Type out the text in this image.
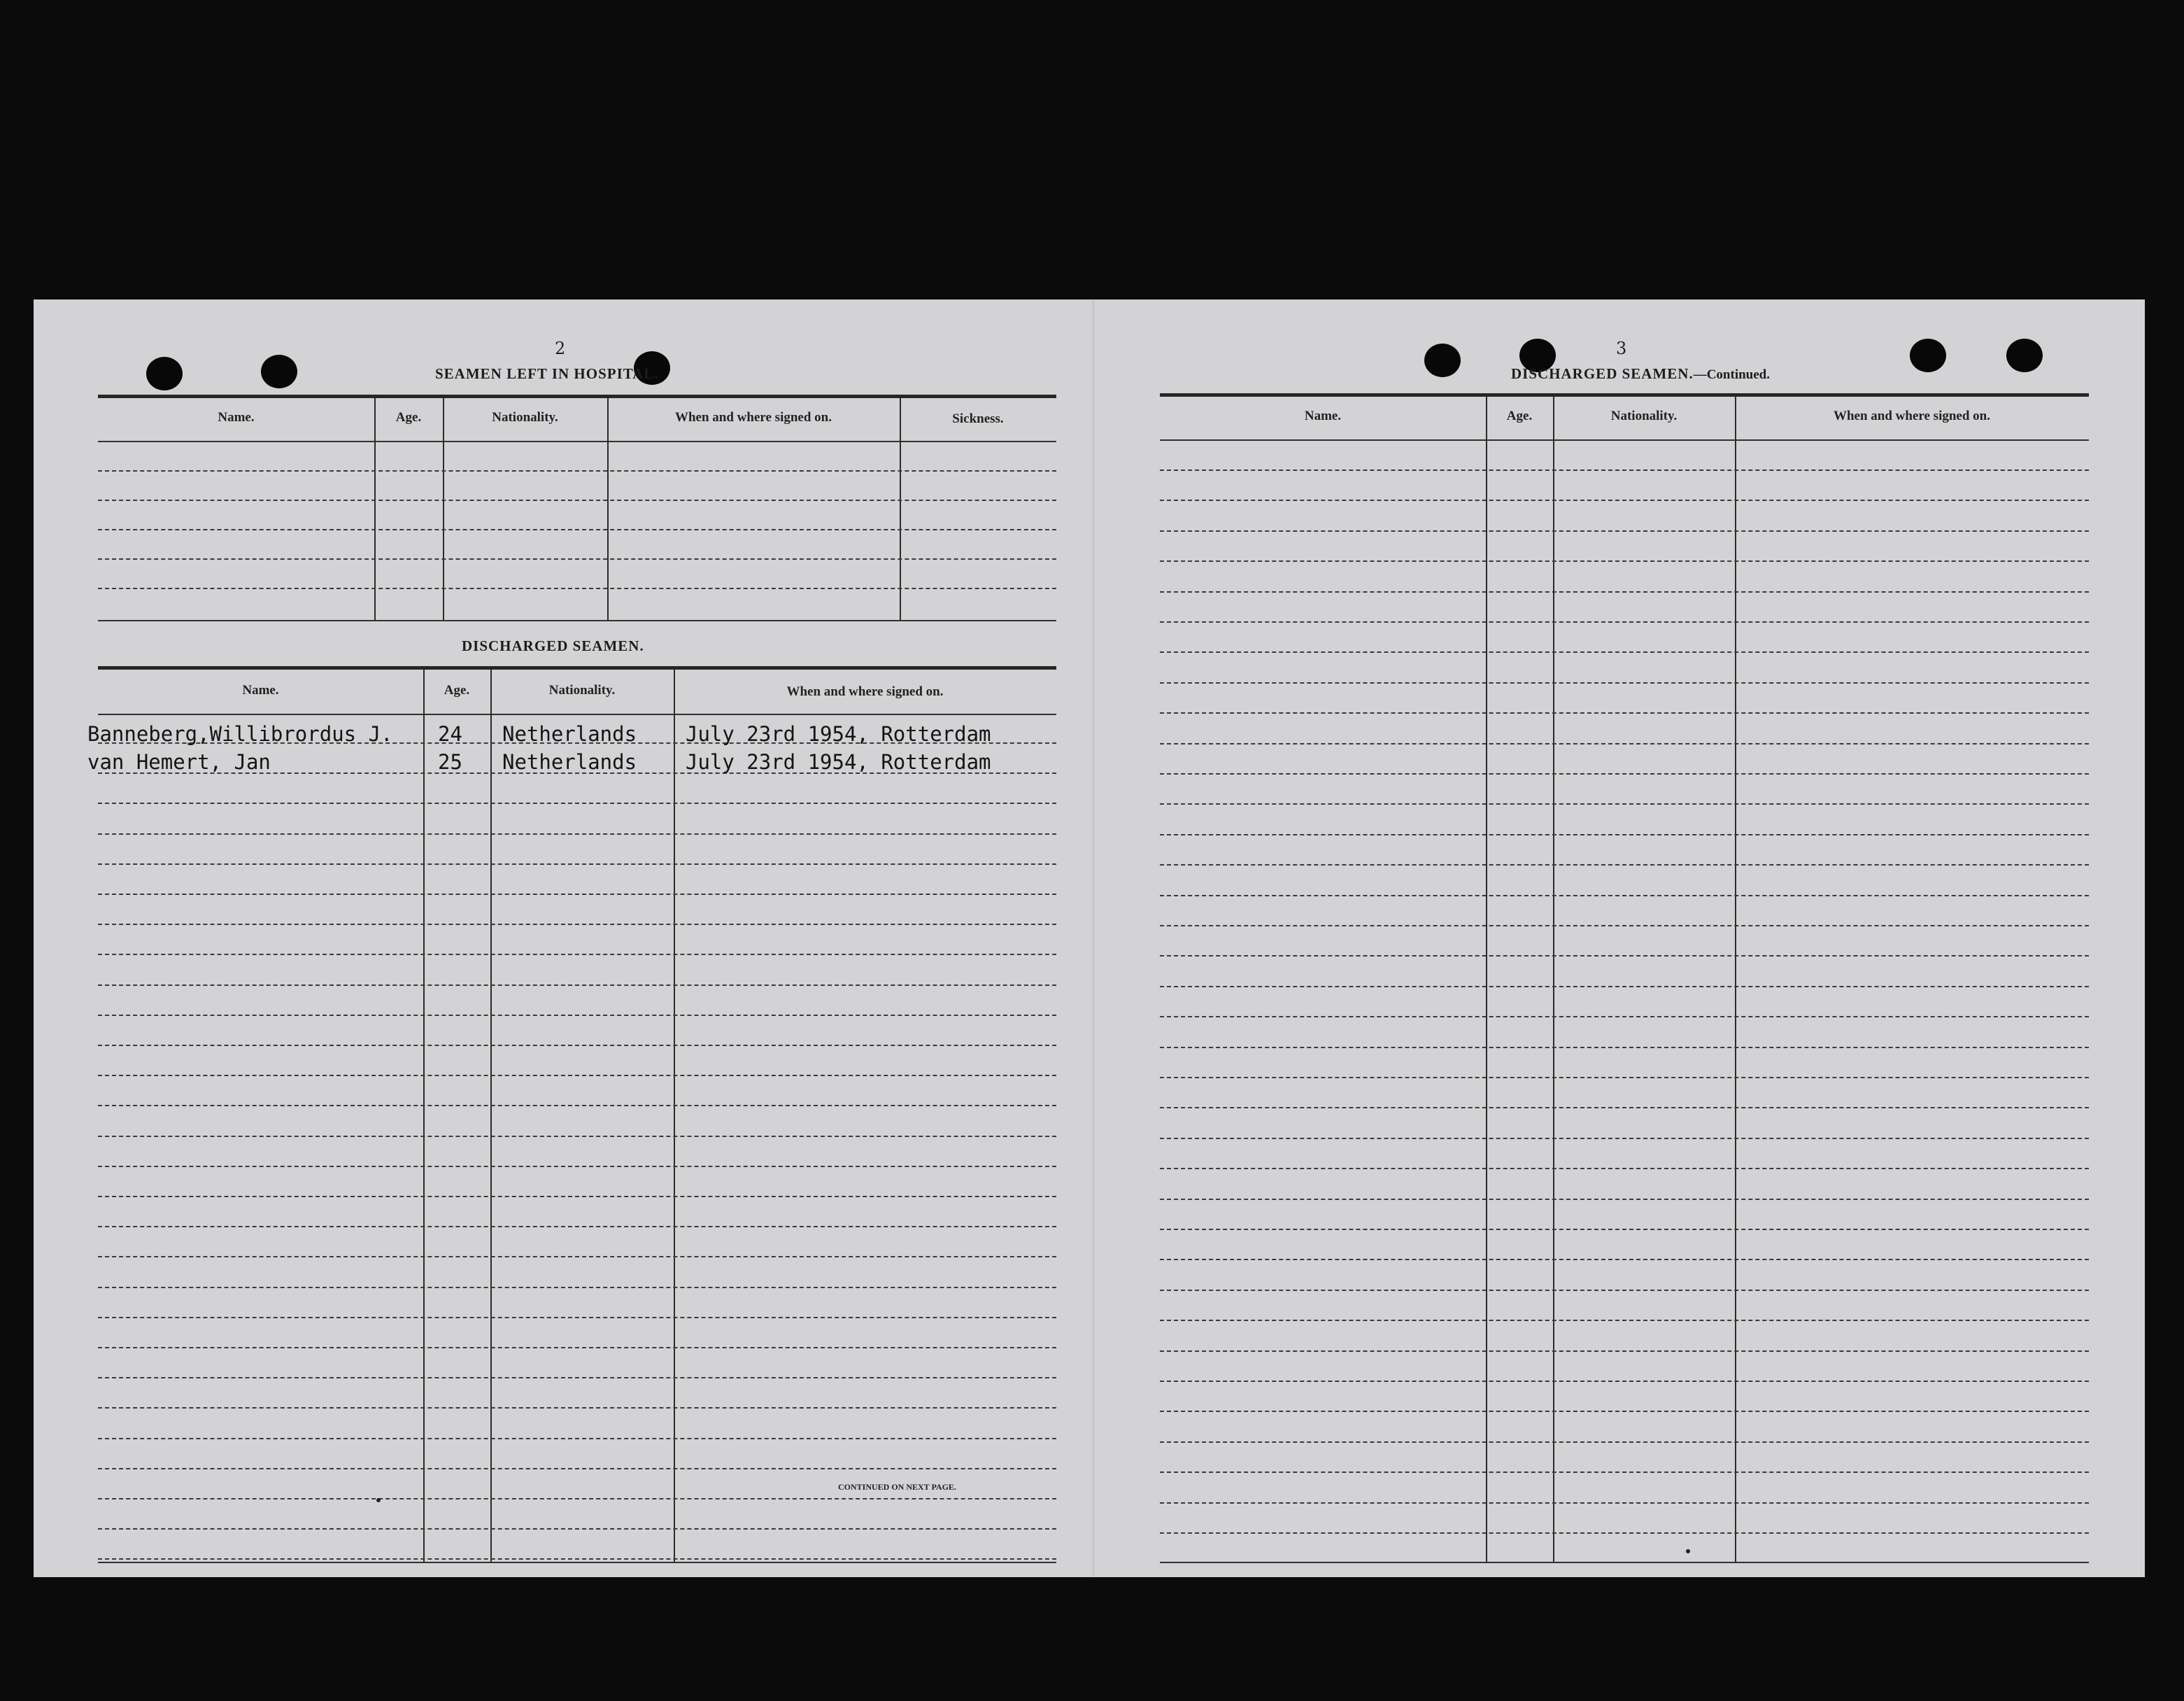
2
SEAMEN LEFT IN HOSPITAL.
Name.	Age.	Nationality.	When and where signed on.	Sickness.
DISCHARGED SEAMEN.
Name.	Age.	Nationality.	When and where signed on.
Banneberg,Willibrordus J. 24 Netherlands July 23rd 1954, Rotterdam
van Hemert, Jan	25 Netherlands July 23rd 1954, Rotterdam
CONTINUED ON NEXT PAGE.
3
DISCHARGED SEAMEN.—Continued.
Name.	Age.	Nationality.	When and where signed on.
